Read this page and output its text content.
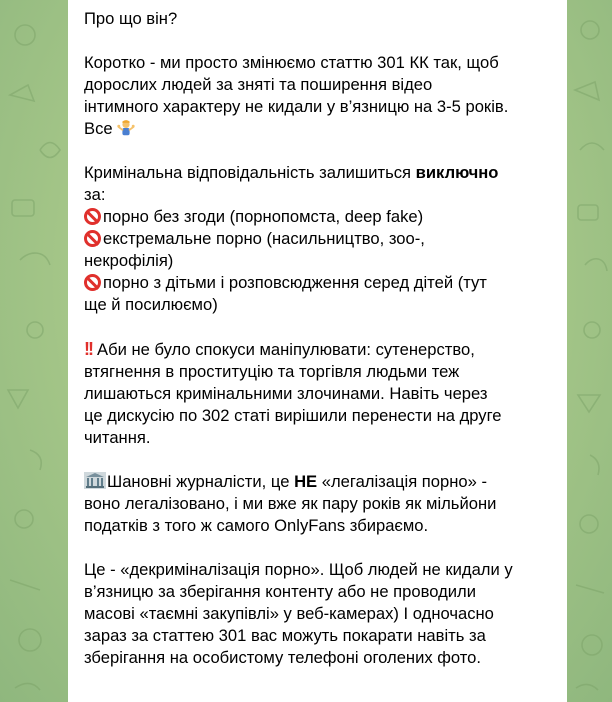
Про що він?

Коротко - ми просто змінюємо статтю 301 КК так, щоб
дорослих людей за зняті та поширення відео
інтимного характеру не кидали у в’язницю на 3-5 років.
Все

Кримінальна відповідальність залишиться виключно
за:
порно без згоди (порнопомста, deep fake)
екстремальне порно (насильництво, зоо-,
некрофілія)
порно з дітьми і розповсюдження серед дітей (тут
ще й посилюємо)

!! Аби не було спокуси маніпулювати: сутенерство,
втягнення в проституцію та торгівля людьми теж
лишаються кримінальними злочинами. Навіть через
це дискусію по 302 статі вирішили перенести на друге
читання.

Шановні журналісти, це НЕ «легалізація порно» -
воно легалізовано, і ми вже як пару років як мільйони
податків з того ж самого OnlyFans збираємо.

Це - «декриміналізація порно». Щоб людей не кидали у
в’язницю за зберігання контенту або не проводили
масові «таємні закупівлі» у веб-камерах) І одночасно
зараз за статтею 301 вас можуть покарати навіть за
зберігання на особистому телефоні оголених фото.
